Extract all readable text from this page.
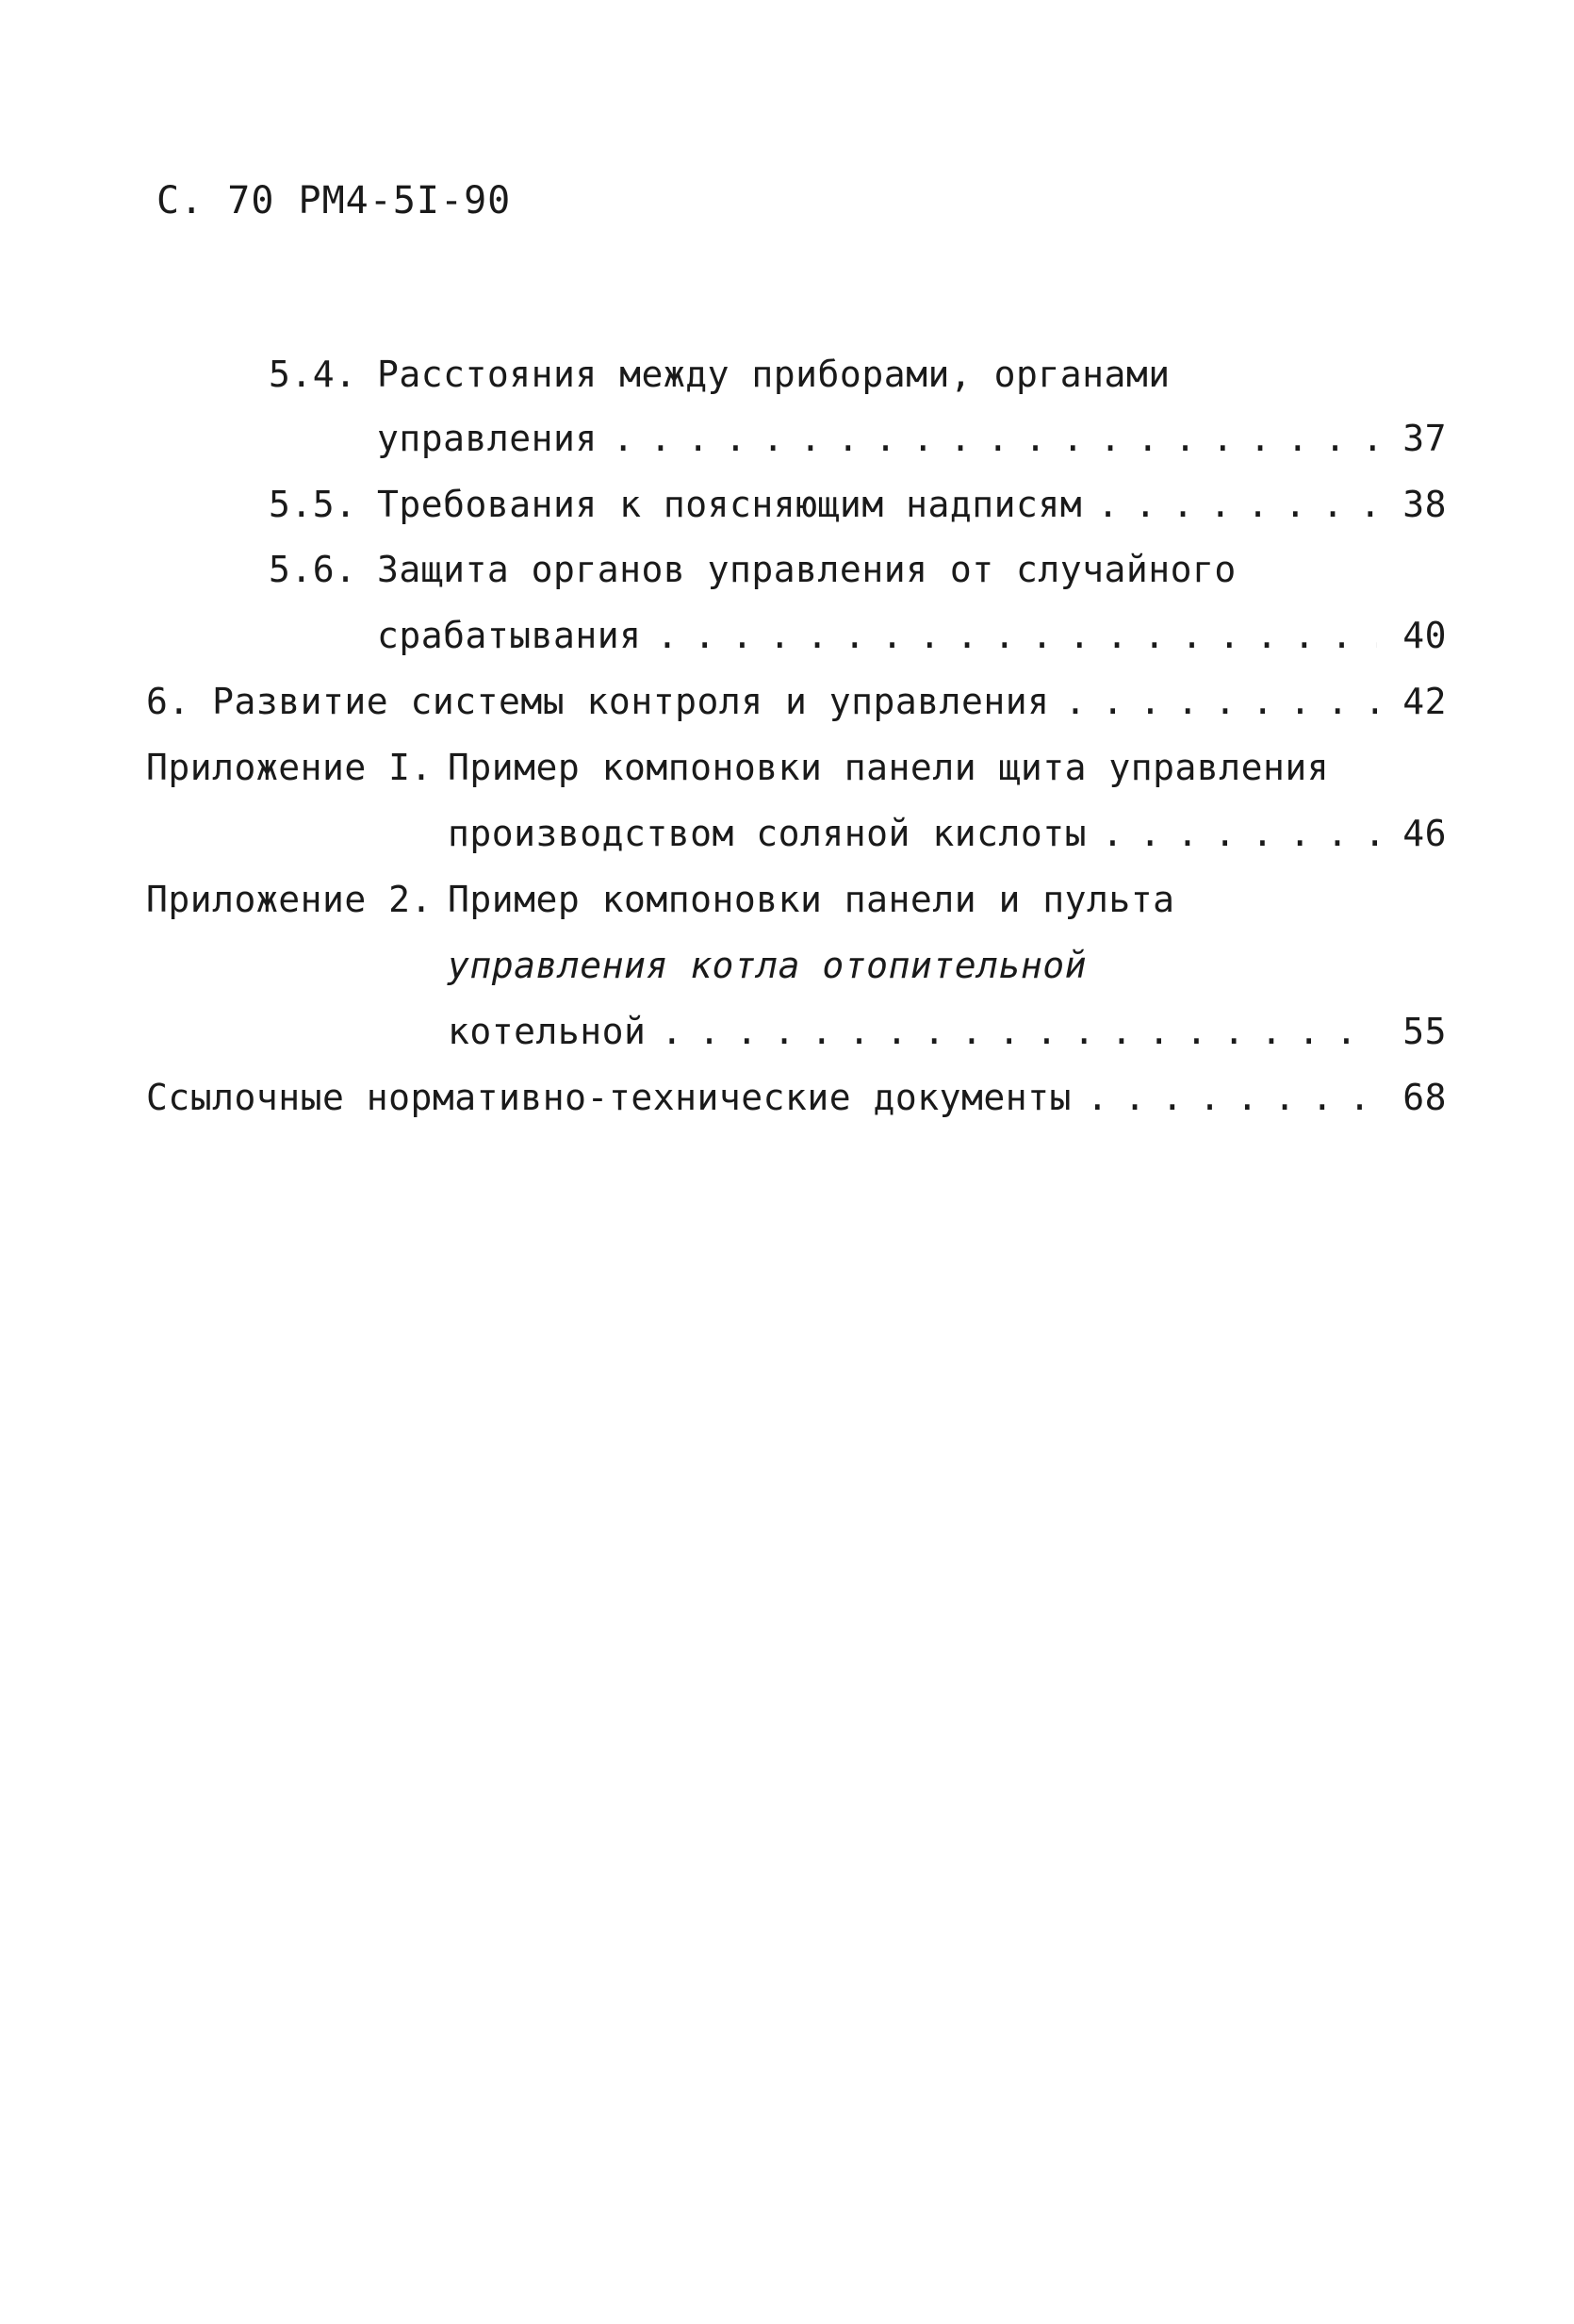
С. 70 РМ4-5I-90
5.4. Расстояния между приборами, органами
управления . . .	37
5.5. Требования к поясняющим надписям . . .	38
5.6. Защита органов управления от случайного
срабатывания . . .	40
6. Развитие системы контроля и управления . . .	42
Приложение I. Пример компоновки панели щита управления
производством соляной кислоты . . .	46
Приложение 2. Пример компоновки панели и пульта
управления котла отопительной
котельной . . .	55
Ссылочные нормативно-технические документы . . .	68
